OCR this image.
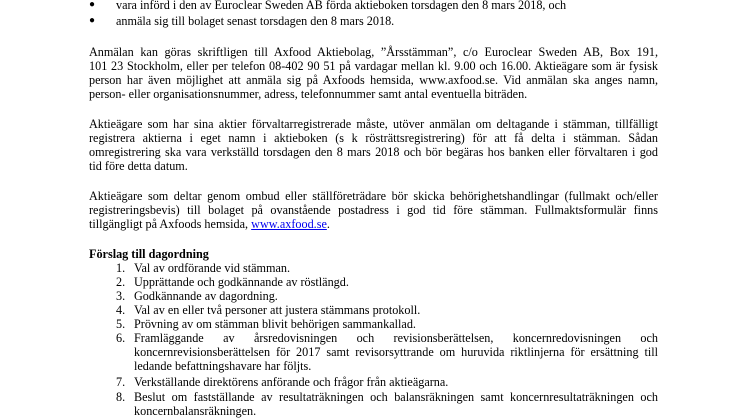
● vara införd i den av Euroclear Sweden AB förda aktieboken torsdagen den 8 mars 2018, och
● anmäla sig till bolaget senast torsdagen den 8 mars 2018.
Anmälan kan göras skriftligen till Axfood Aktiebolag, ”Årsstämman”, c/o Euroclear Sweden AB, Box 191,
101 23 Stockholm, eller per telefon 08-402 90 51 på vardagar mellan kl. 9.00 och 16.00. Aktieägare som är fysisk
person har även möjlighet att anmäla sig på Axfoods hemsida, www.axfood.se. Vid anmälan ska anges namn,
person- eller organisationsnummer, adress, telefonnummer samt antal eventuella biträden.
Aktieägare som har sina aktier förvaltarregistrerade måste, utöver anmälan om deltagande i stämman, tillfälligt
registrera aktierna i eget namn i aktieboken (s k rösträttsregistrering) för att få delta i stämman. Sådan
omregistrering ska vara verkställd torsdagen den 8 mars 2018 och bör begäras hos banken eller förvaltaren i god
tid före detta datum.
Aktieägare som deltar genom ombud eller ställföreträdare bör skicka behörighetshandlingar (fullmakt och/eller
registreringsbevis) till bolaget på ovanstående postadress i god tid före stämman. Fullmaktsformulär finns
tillgängligt på Axfoods hemsida, www.axfood.se.
Förslag till dagordning
1. Val av ordförande vid stämman.
2. Upprättande och godkännande av röstlängd.
3. Godkännande av dagordning.
4. Val av en eller två personer att justera stämmans protokoll.
5. Prövning av om stämman blivit behörigen sammankallad.
6. Framläggande av årsredovisningen och revisionsberättelsen, koncernredovisningen och
koncernrevisionsberättelsen för 2017 samt revisorsyttrande om huruvida riktlinjerna för ersättning till
ledande befattningshavare har följts.
7. Verkställande direktörens anförande och frågor från aktieägarna.
8. Beslut om fastställande av resultaträkningen och balansräkningen samt koncernresultaträkningen och
koncernbalansräkningen.
